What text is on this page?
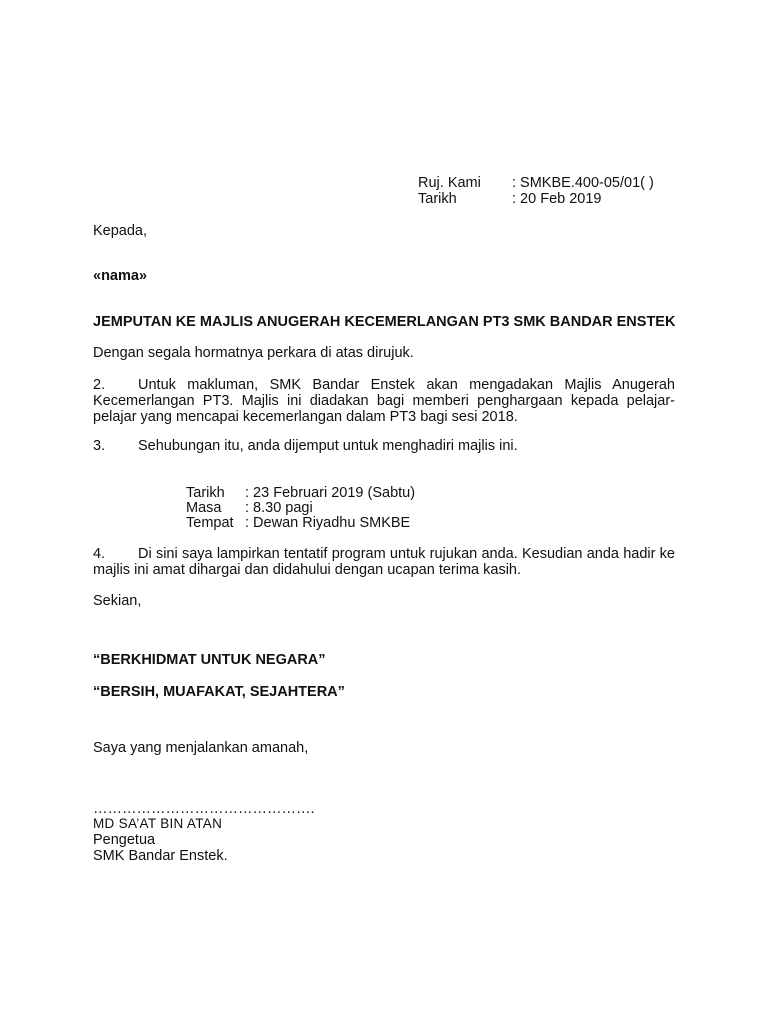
Ruj. Kami : SMKBE.400-05/01( )
Tarikh	: 20 Feb 2019
Kepada,
«nama»
JEMPUTAN KE MAJLIS ANUGERAH KECEMERLANGAN PT3 SMK BANDAR ENSTEK
Dengan segala hormatnya perkara di atas dirujuk.
2. Untuk makluman, SMK Bandar Enstek akan mengadakan Majlis Anugerah Kecemerlangan PT3. Majlis ini diadakan bagi memberi penghargaan kepada pelajar-pelajar yang mencapai kecemerlangan dalam PT3 bagi sesi 2018.
3. Sehubungan itu, anda dijemput untuk menghadiri majlis ini.
Tarikh : 23 Februari 2019 (Sabtu)
Masa : 8.30 pagi
Tempat : Dewan Riyadhu SMKBE
4. Di sini saya lampirkan tentatif program untuk rujukan anda. Kesudian anda hadir ke majlis ini amat dihargai dan didahului dengan ucapan terima kasih.
Sekian,
“BERKHIDMAT UNTUK NEGARA”
“BERSIH, MUAFAKAT, SEJAHTERA”
Saya yang menjalankan amanah,
……………………………………….
MD SA’AT BIN ATAN
Pengetua
SMK Bandar Enstek.
